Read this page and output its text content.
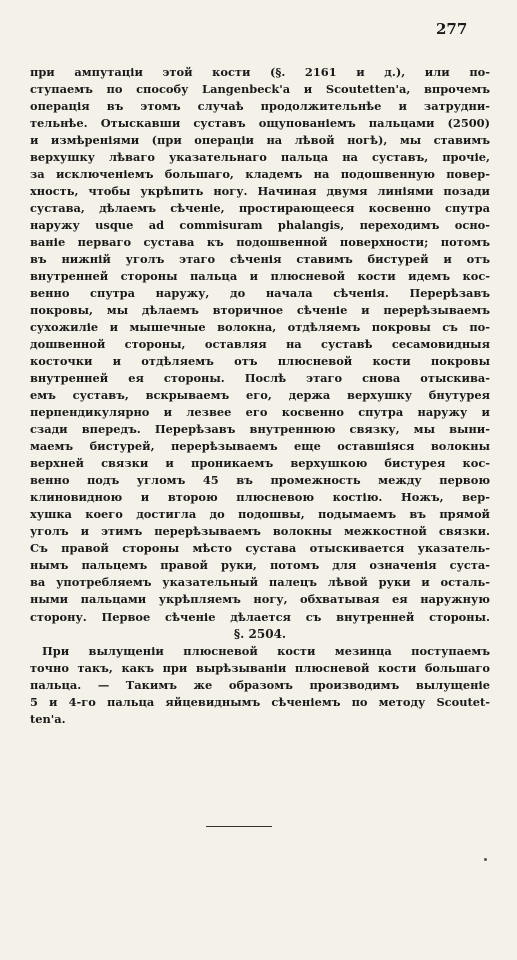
277
при ампутаціи этой кости (§. 2161 и д.), или по-
ступаемъ по способу Langenbeck'а и Scoutetten'а, впрочемъ
операція въ этомъ случаѣ продолжительнѣе и затрудни-
тельнѣе. Отыскавши суставъ ощупованіемъ пальцами (2500)
и измѣреніями (при операціи на лѣвой ногѣ), мы ставимъ
верхушку лѣваго указательнаго пальца на суставъ, прочіе,
за исключеніемъ большаго, кладемъ на подошвенную повер-
хность, чтобы укрѣпить ногу. Начиная двумя линіями позади
сустава, дѣлаемъ сѣченіе, простирающееся косвенно спутра
наружу usque ad commisuram phalangis, переходимъ осно-
ваніе перваго сустава къ подошвенной поверхности; потомъ
въ нижній уголъ этаго сѣченія ставимъ бистурей и отъ
внутренней стороны пальца и плюсневой кости идемъ кос-
венно спутра наружу, до начала сѣченія. Перерѣзавъ
покровы, мы дѣлаемъ вторичное сѣченіе и перерѣзываемъ
сухожиліе и мышечные волокна, отдѣляемъ покровы съ по-
дошвенной стороны, оставляя на суставѣ сесамовидныя
косточки и отдѣляемъ отъ плюсневой кости покровы
внутренней ея стороны. Послѣ этаго снова отыскива-
емъ суставъ, вскрываемъ его, держа верхушку бнутурея
перпендикулярно и лезвее его косвенно спутра наружу и
сзади впередъ. Перерѣзавъ внутреннюю связку, мы выни-
маемъ бистурей, перерѣзываемъ еще оставшіяся волокны
верхней связки и проникаемъ верхушкою бистурея кос-
венно подъ угломъ 45 въ промежность между первою
клиновидною и второю плюсневою костію. Ножъ, вер-
хушка коего достигла до подошвы, подымаемъ въ прямой
уголъ и этимъ перерѣзываемъ волокны межкостной связки.
Съ правой стороны мѣсто сустава отыскивается указатель-
нымъ пальцемъ правой руки, потомъ для означенія суста-
ва употребляемъ указательный палецъ лѣвой руки и осталь-
ными пальцами укрѣпляемъ ногу, обхватывая ея наружную
сторону. Первое сѣченіе дѣлается съ внутренней стороны.
§. 2504.
При вылущеніи плюсневой кости мезинца поступаемъ
точно такъ, какъ при вырѣзываніи плюсневой кости большаго
пальца. — Такимъ же образомъ производимъ вылущеніе
5 и 4-го пальца яйцевиднымъ сѣченіемъ по методу Scoutet-
ten'а.
